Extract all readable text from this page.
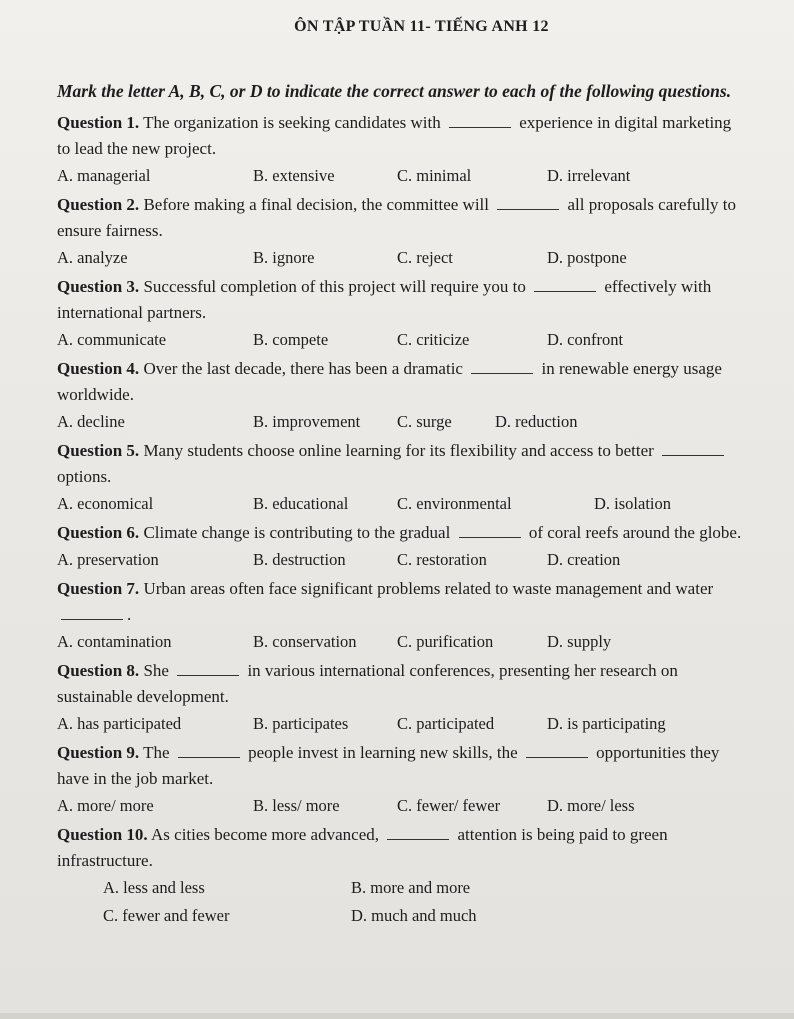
ÔN TẬP TUẦN 11- TIẾNG ANH 12
Mark the letter A, B, C, or D to indicate the correct answer to each of the following questions.
Question 1. The organization is seeking candidates with	experience in digital marketing to lead the new project.
A. managerial	B. extensive	C. minimal	D. irrelevant
Question 2. Before making a final decision, the committee will	all proposals carefully to ensure fairness.
A. analyze	B. ignore	C. reject	D. postpone
Question 3. Successful completion of this project will require you to	effectively with international partners.
A. communicate	B. compete	C. criticize	D. confront
Question 4. Over the last decade, there has been a dramatic	in renewable energy usage worldwide.
A. decline	B. improvement	C. surge	D. reduction
Question 5. Many students choose online learning for its flexibility and access to better  options.
A. economical	B. educational	C. environmental	D. isolation
Question 6. Climate change is contributing to the gradual	of coral reefs around the globe.
A. preservation	B. destruction	C. restoration	D. creation
Question 7. Urban areas often face significant problems related to waste management and water .
A. contamination	B. conservation	C. purification	D. supply
Question 8. She	in various international conferences, presenting her research on sustainable development.
A. has participated	B. participates	C. participated	D. is participating
Question 9. The	people invest in learning new skills, the	opportunities they have in the job market.
A. more/ more	B. less/ more	C. fewer/ fewer	D. more/ less
Question 10. As cities become more advanced,	attention is being paid to green infrastructure.
A. less and less	B. more and more
C. fewer and fewer	D. much and much
